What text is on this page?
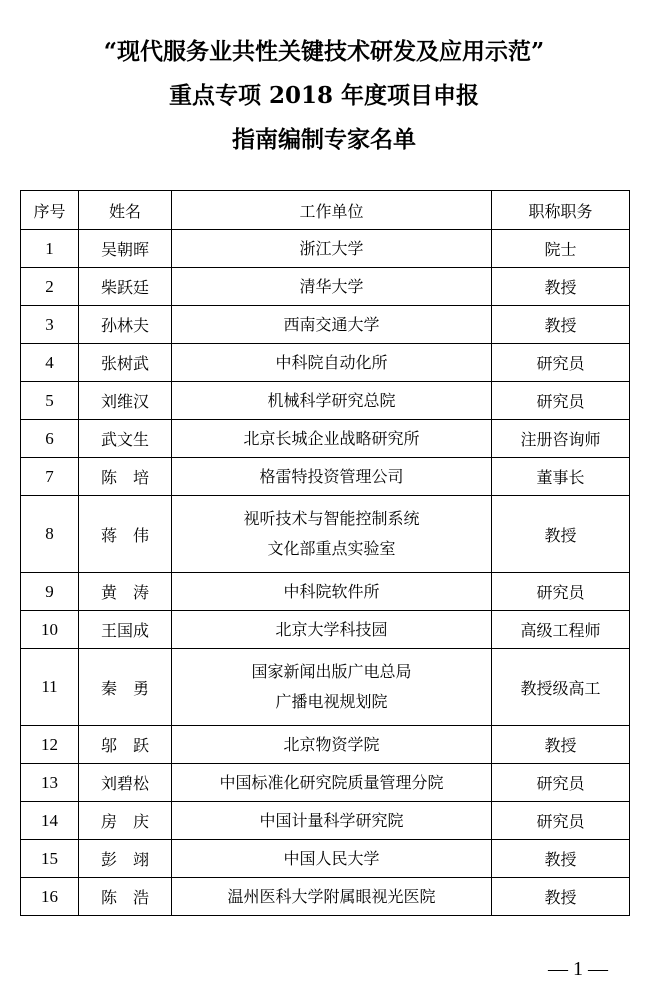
“现代服务业共性关键技术研发及应用示范”
重点专项 2018 年度项目申报
指南编制专家名单
序号	姓名	工作单位	职称职务
1	吴朝晖	浙江大学	院士
2	柴跃廷	清华大学	教授
3	孙林夫	西南交通大学	教授
4	张树武	中科院自动化所	研究员
5	刘维汉	机械科学研究总院	研究员
6	武文生	北京长城企业战略研究所	注册咨询师
7	陈　培	格雷特投资管理公司	董事长
8	蒋　伟	视听技术与智能控制系统
文化部重点实验室	教授
9	黄　涛	中科院软件所	研究员
10	王国成	北京大学科技园	高级工程师
11	秦　勇	国家新闻出版广电总局
广播电视规划院	教授级高工
12	邬　跃	北京物资学院	教授
13	刘碧松	中国标准化研究院质量管理分院	研究员
14	房　庆	中国计量科学研究院	研究员
15	彭　翊	中国人民大学	教授
16	陈　浩	温州医科大学附属眼视光医院	教授
— 1 —
